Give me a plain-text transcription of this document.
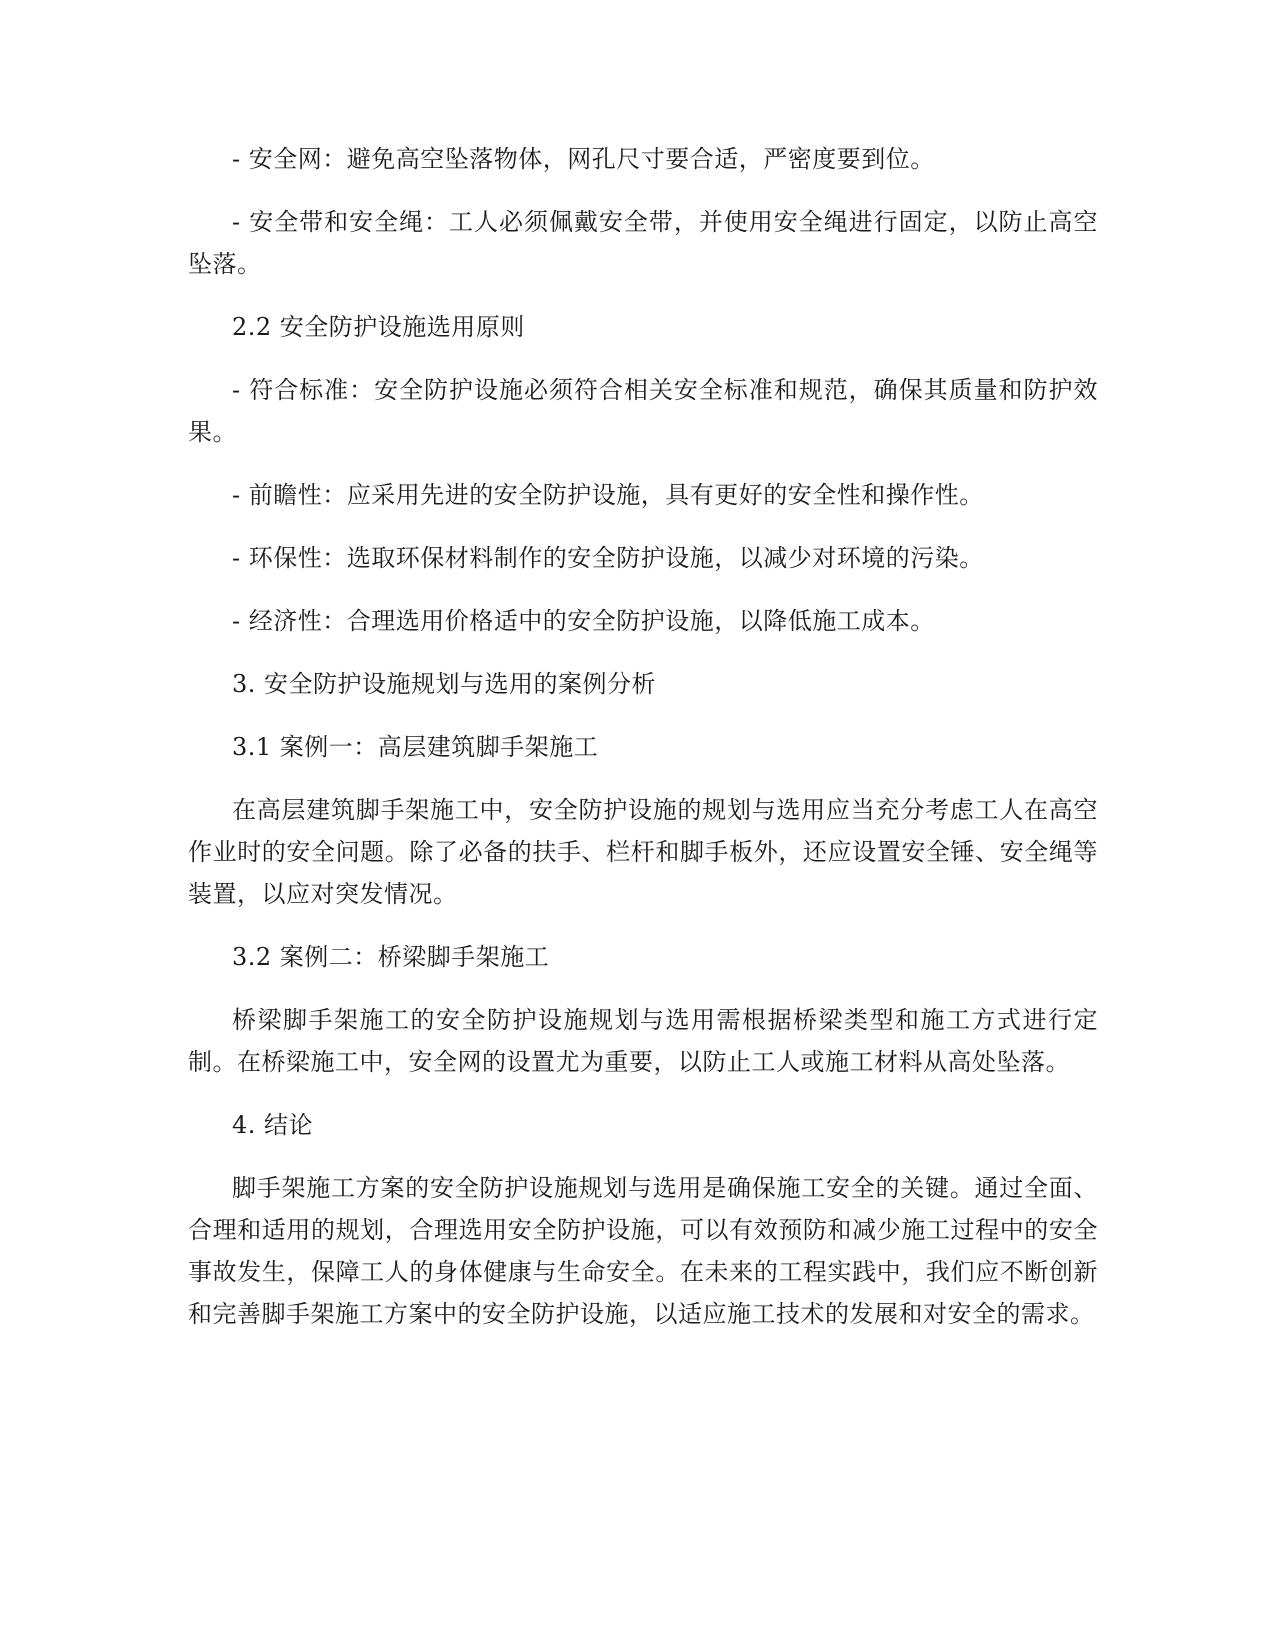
- 安全网：避免高空坠落物体，网孔尺寸要合适，严密度要到位。

- 安全带和安全绳：工人必须佩戴安全带，并使用安全绳进行固定，以防止高空坠落。

2.2 安全防护设施选用原则

- 符合标准：安全防护设施必须符合相关安全标准和规范，确保其质量和防护效果。

- 前瞻性：应采用先进的安全防护设施，具有更好的安全性和操作性。

- 环保性：选取环保材料制作的安全防护设施，以减少对环境的污染。

- 经济性：合理选用价格适中的安全防护设施，以降低施工成本。

3. 安全防护设施规划与选用的案例分析

3.1 案例一：高层建筑脚手架施工

在高层建筑脚手架施工中，安全防护设施的规划与选用应当充分考虑工人在高空作业时的安全问题。除了必备的扶手、栏杆和脚手板外，还应设置安全锤、安全绳等装置，以应对突发情况。

3.2 案例二：桥梁脚手架施工

桥梁脚手架施工的安全防护设施规划与选用需根据桥梁类型和施工方式进行定制。在桥梁施工中，安全网的设置尤为重要，以防止工人或施工材料从高处坠落。

4. 结论

脚手架施工方案的安全防护设施规划与选用是确保施工安全的关键。通过全面、合理和适用的规划，合理选用安全防护设施，可以有效预防和减少施工过程中的安全事故发生，保障工人的身体健康与生命安全。在未来的工程实践中，我们应不断创新和完善脚手架施工方案中的安全防护设施，以适应施工技术的发展和对安全的需求。
